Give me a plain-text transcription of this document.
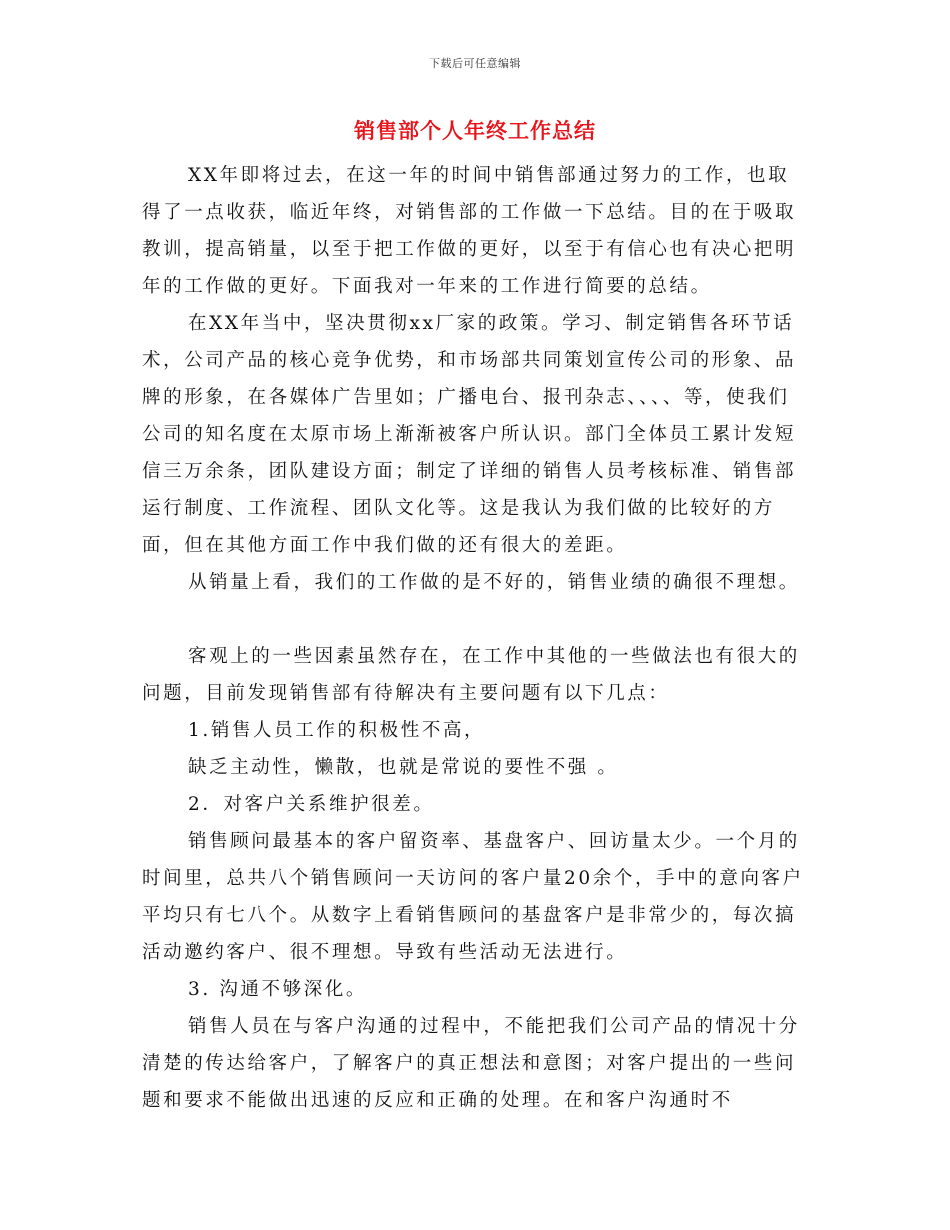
下载后可任意编辑
销售部个人年终工作总结

XX年即将过去，在这一年的时间中销售部通过努力的工作，也取得了一点收获，临近年终，对销售部的工作做一下总结。目的在于吸取教训，提高销量，以至于把工作做的更好，以至于有信心也有决心把明年的工作做的更好。下面我对一年来的工作进行简要的总结。

在XX年当中，坚决贯彻xx厂家的政策。学习、制定销售各环节话术，公司产品的核心竞争优势，和市场部共同策划宣传公司的形象、品牌的形象，在各媒体广告里如；广播电台、报刊杂志、、、、等，使我们公司的知名度在太原市场上渐渐被客户所认识。部门全体员工累计发短信三万余条，团队建设方面；制定了详细的销售人员考核标准、销售部运行制度、工作流程、团队文化等。这是我认为我们做的比较好的方面，但在其他方面工作中我们做的还有很大的差距。

从销量上看，我们的工作做的是不好的，销售业绩的确很不理想。

客观上的一些因素虽然存在，在工作中其他的一些做法也有很大的问题，目前发现销售部有待解决有主要问题有以下几点：

1.销售人员工作的积极性不高，

缺乏主动性，懒散，也就是常说的要性不强 。

2．对客户关系维护很差。

销售顾问最基本的客户留资率、基盘客户、回访量太少。一个月的时间里，总共八个销售顾问一天访问的客户量20余个，手中的意向客户平均只有七八个。从数字上看销售顾问的基盘客户是非常少的，每次搞活动邀约客户、很不理想。导致有些活动无法进行。

3. 沟通不够深化。

销售人员在与客户沟通的过程中，不能把我们公司产品的情况十分清楚的传达给客户，了解客户的真正想法和意图；对客户提出的一些问题和要求不能做出迅速的反应和正确的处理。在和客户沟通时不
